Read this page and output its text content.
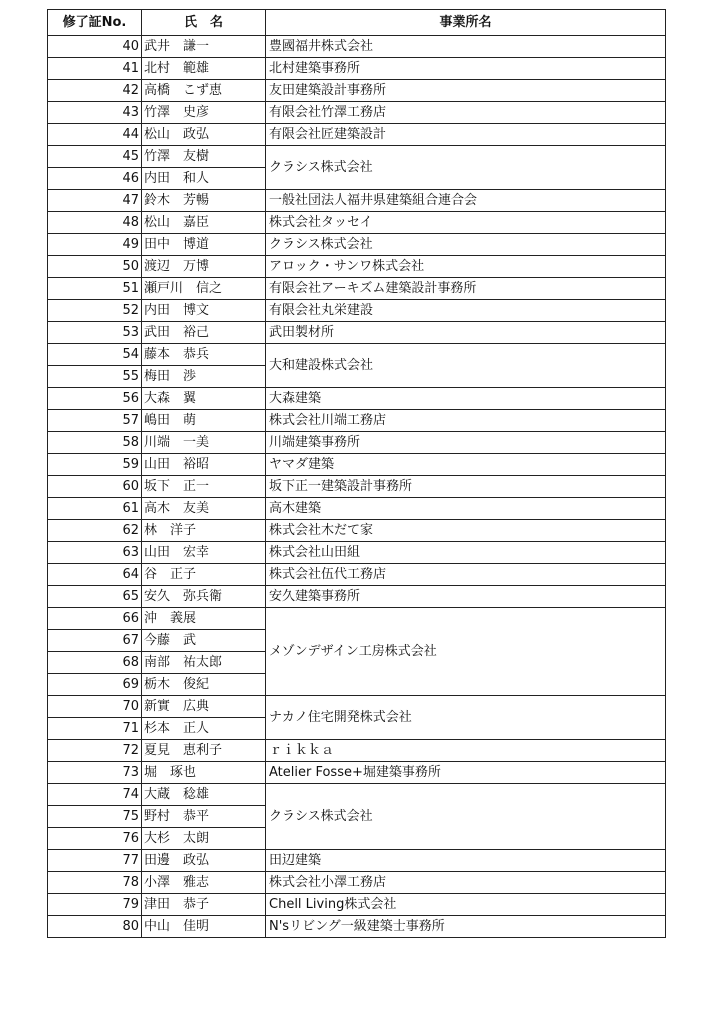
修了証No.	氏　名	事業所名
40	武井　謙一	豊國福井株式会社
41	北村　範雄	北村建築事務所
42	高橋　こず恵	友田建築設計事務所
43	竹澤　史彦	有限会社竹澤工務店
44	松山　政弘	有限会社匠建築設計
45	竹澤　友樹	クラシス株式会社
46	内田　和人	
47	鈴木　芳暢	一般社団法人福井県建築組合連合会
48	松山　嘉臣	株式会社タッセイ
49	田中　博道	クラシス株式会社
50	渡辺　万博	アロック・サンワ株式会社
51	瀬戸川　信之	有限会社アーキズム建築設計事務所
52	内田　博文	有限会社丸栄建設
53	武田　裕己	武田製材所
54	藤本　恭兵	大和建設株式会社
55	梅田　渉	
56	大森　翼	大森建築
57	嶋田　萌	株式会社川端工務店
58	川端　一美	川端建築事務所
59	山田　裕昭	ヤマダ建築
60	坂下　正一	坂下正一建築設計事務所
61	高木　友美	高木建築
62	林　洋子	株式会社木だて家
63	山田　宏幸	株式会社山田組
64	谷　正子	株式会社伍代工務店
65	安久　弥兵衛	安久建築事務所
66	沖　義展	メゾンデザイン工房株式会社
67	今藤　武	
68	南部　祐太郎	
69	栃木　俊紀	
70	新實　広典	ナカノ住宅開発株式会社
71	杉本　正人	
72	夏見　恵利子	ｒｉｋｋａ
73	堀　琢也	Atelier Fosse+堀建築事務所
74	大蔵　稔雄	クラシス株式会社
75	野村　恭平	
76	大杉　太朗	
77	田邊　政弘	田辺建築
78	小澤　雅志	株式会社小澤工務店
79	津田　恭子	Chell Living株式会社
80	中山　佳明	N'sリビング一級建築士事務所
